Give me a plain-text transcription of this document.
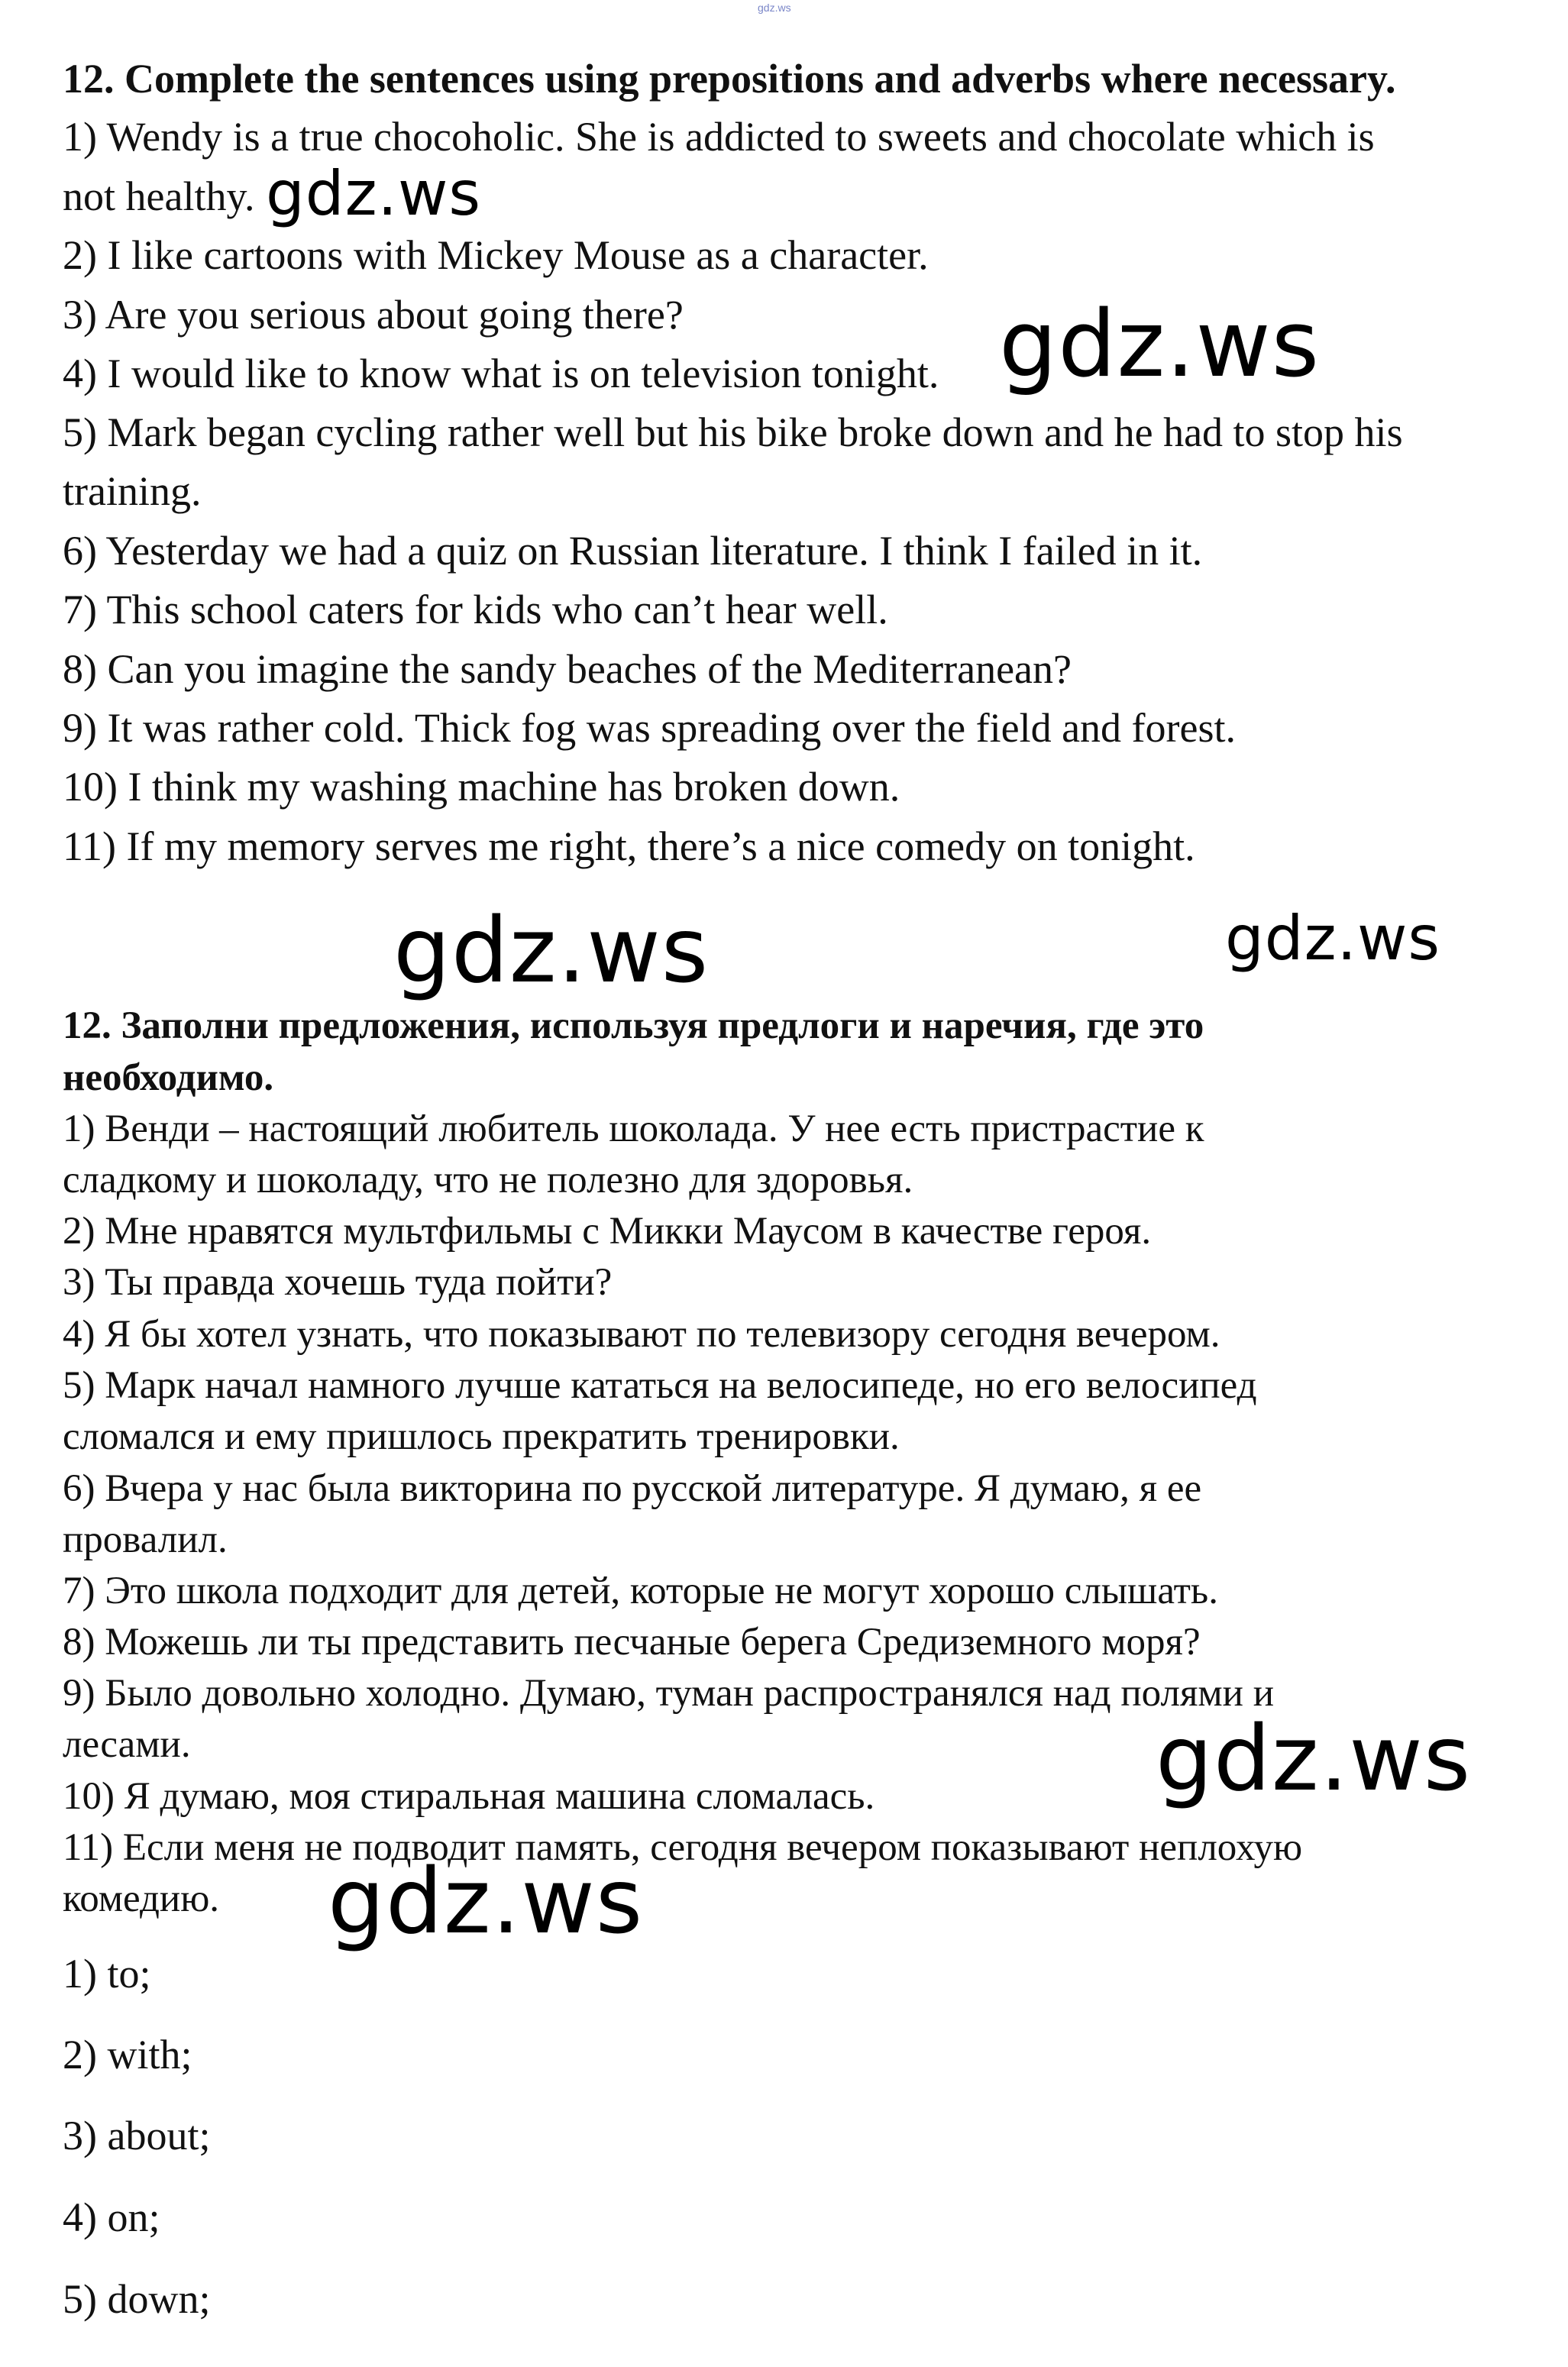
gdz.ws
12. Complete the sentences using prepositions and adverbs where necessary.
1) Wendy is a true chocoholic. She is addicted to sweets and chocolate which is
not healthy.
2) I like cartoons with Mickey Mouse as a character.
3) Are you serious about going there?
4) I would like to know what is on television tonight.
5) Mark began cycling rather well but his bike broke down and he had to stop his
training.
6) Yesterday we had a quiz on Russian literature. I think I failed in it.
7) This school caters for kids who can’t hear well.
8) Can you imagine the sandy beaches of the Mediterranean?
9) It was rather cold. Thick fog was spreading over the field and forest.
10) I think my washing machine has broken down.
11) If my memory serves me right, there’s a nice comedy on tonight.
12. Заполни предложения, используя предлоги и наречия, где это
необходимо.
1) Венди – настоящий любитель шоколада. У нее есть пристрастие к
сладкому и шоколаду, что не полезно для здоровья.
2) Мне нравятся мультфильмы с Микки Маусом в качестве героя.
3) Ты правда хочешь туда пойти?
4) Я бы хотел узнать, что показывают по телевизору сегодня вечером.
5) Марк начал намного лучше кататься на велосипеде, но его велосипед
сломался и ему пришлось прекратить тренировки.
6) Вчера у нас была викторина по русской литературе. Я думаю, я ее
провалил.
7) Это школа подходит для детей, которые не могут хорошо слышать.
8) Можешь ли ты представить песчаные берега Средиземного моря?
9) Было довольно холодно. Думаю, туман распространялся над полями и
лесами.
10) Я думаю, моя стиральная машина сломалась.
11) Если меня не подводит память, сегодня вечером показывают неплохую
комедию.
1) to;
2) with;
3) about;
4) on;
5) down;
gdz.ws
gdz.ws
gdz.ws	gdz.ws
gdz.ws
gdz.ws
